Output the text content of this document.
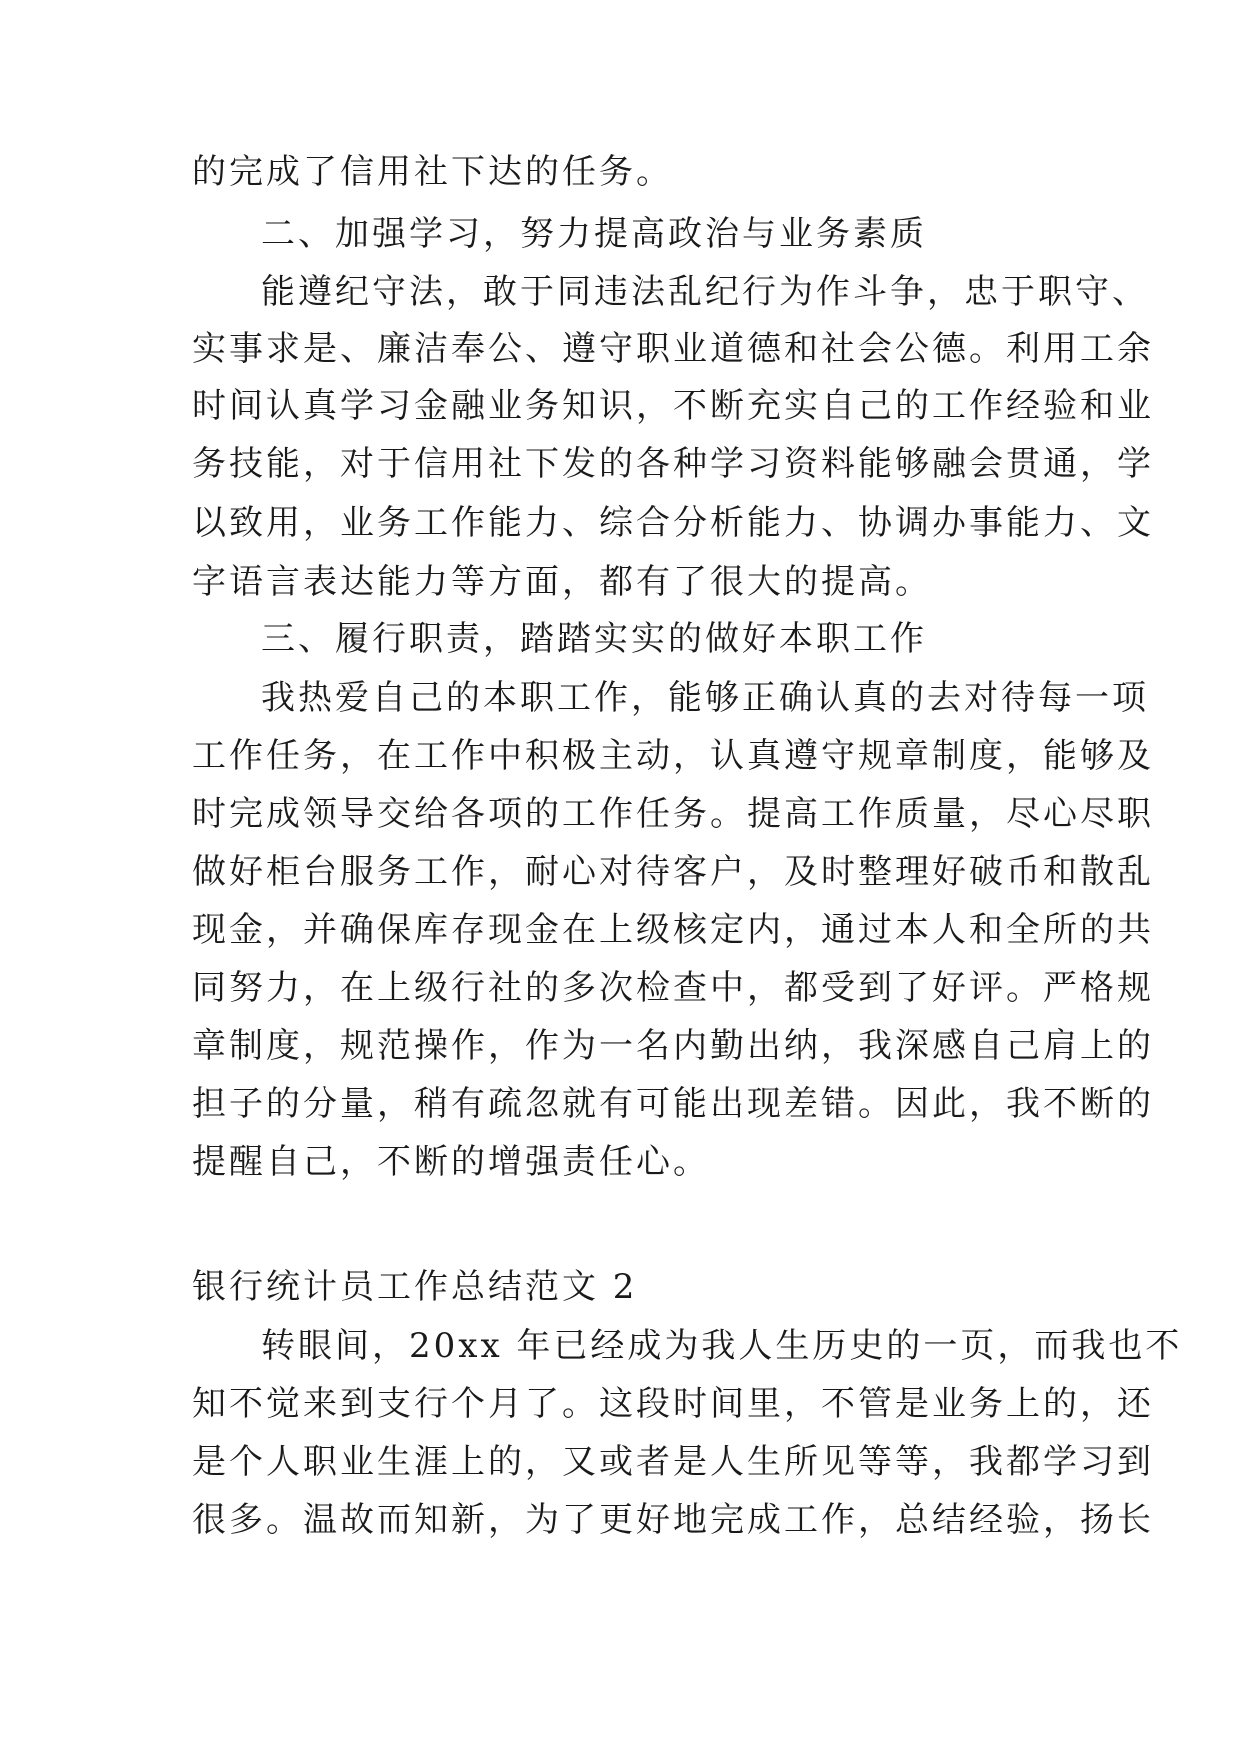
的完成了信用社下达的任务。
二、加强学习，努力提高政治与业务素质
能遵纪守法，敢于同违法乱纪行为作斗争，忠于职守、
实事求是、廉洁奉公、遵守职业道德和社会公德。利用工余
时间认真学习金融业务知识，不断充实自己的工作经验和业
务技能，对于信用社下发的各种学习资料能够融会贯通，学
以致用，业务工作能力、综合分析能力、协调办事能力、文
字语言表达能力等方面，都有了很大的提高。
三、履行职责，踏踏实实的做好本职工作
我热爱自己的本职工作，能够正确认真的去对待每一项
工作任务，在工作中积极主动，认真遵守规章制度，能够及
时完成领导交给各项的工作任务。提高工作质量，尽心尽职
做好柜台服务工作，耐心对待客户，及时整理好破币和散乱
现金，并确保库存现金在上级核定内，通过本人和全所的共
同努力，在上级行社的多次检查中，都受到了好评。严格规
章制度，规范操作，作为一名内勤出纳，我深感自己肩上的
担子的分量，稍有疏忽就有可能出现差错。因此，我不断的
提醒自己，不断的增强责任心。
银行统计员工作总结范文 2
转眼间，20xx 年已经成为我人生历史的一页，而我也不
知不觉来到支行个月了。这段时间里，不管是业务上的，还
是个人职业生涯上的，又或者是人生所见等等，我都学习到
很多。温故而知新，为了更好地完成工作，总结经验，扬长
